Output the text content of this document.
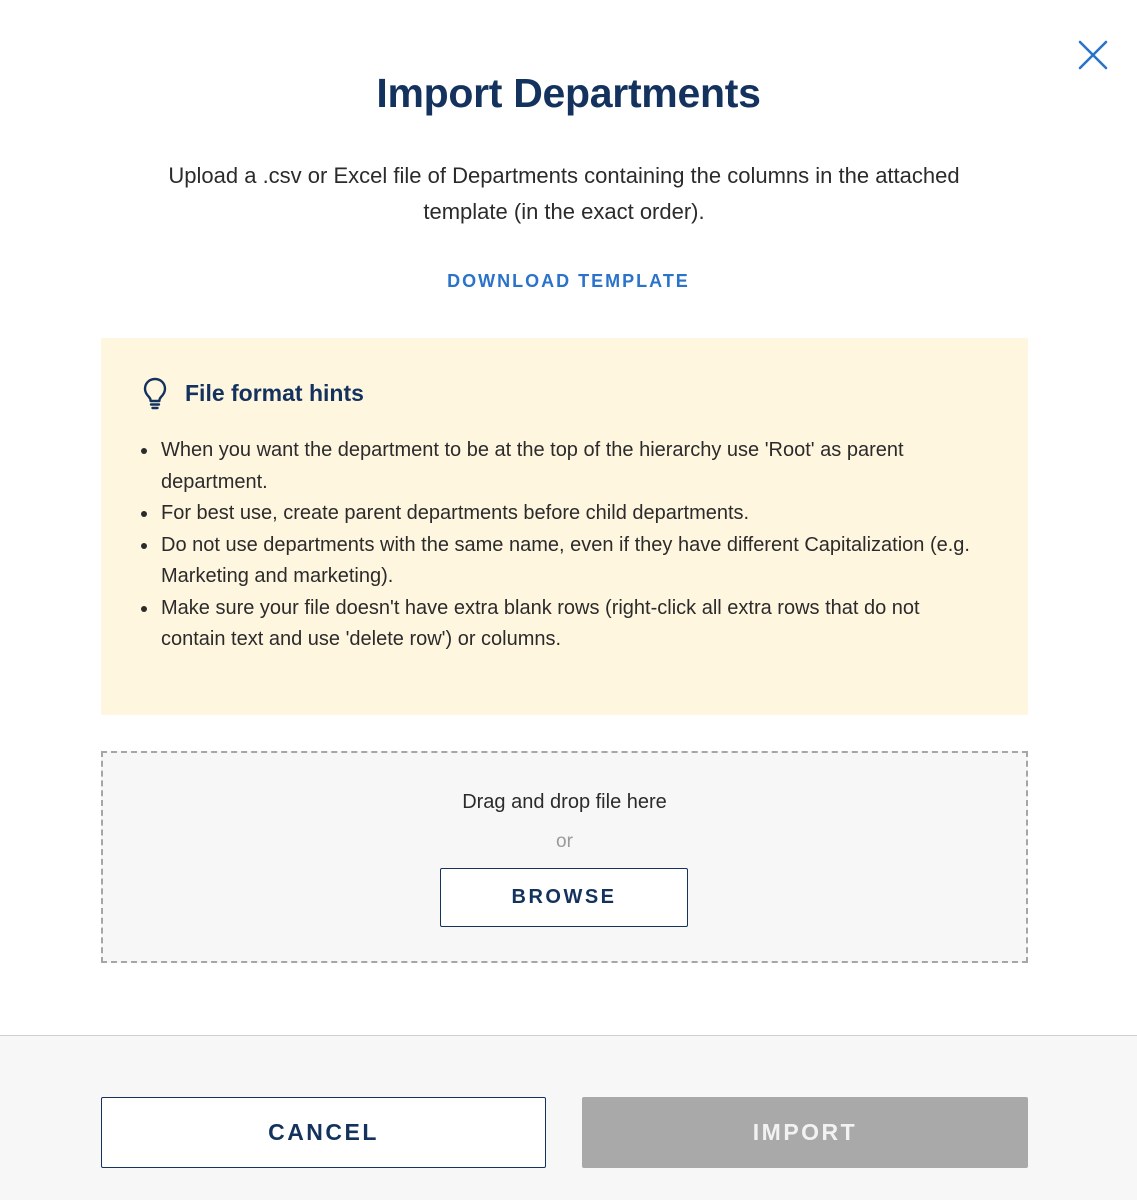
Import Departments

Upload a .csv or Excel file of Departments containing the columns in the attached template (in the exact order).

DOWNLOAD TEMPLATE
File format hints
When you want the department to be at the top of the hierarchy use 'Root' as parent department.
For best use, create parent departments before child departments.
Do not use departments with the same name, even if they have different Capitalization (e.g. Marketing and marketing).
Make sure your file doesn't have extra blank rows (right-click all extra rows that do not contain text and use 'delete row') or columns.
Drag and drop file here
or
BROWSE
CANCEL	IMPORT
